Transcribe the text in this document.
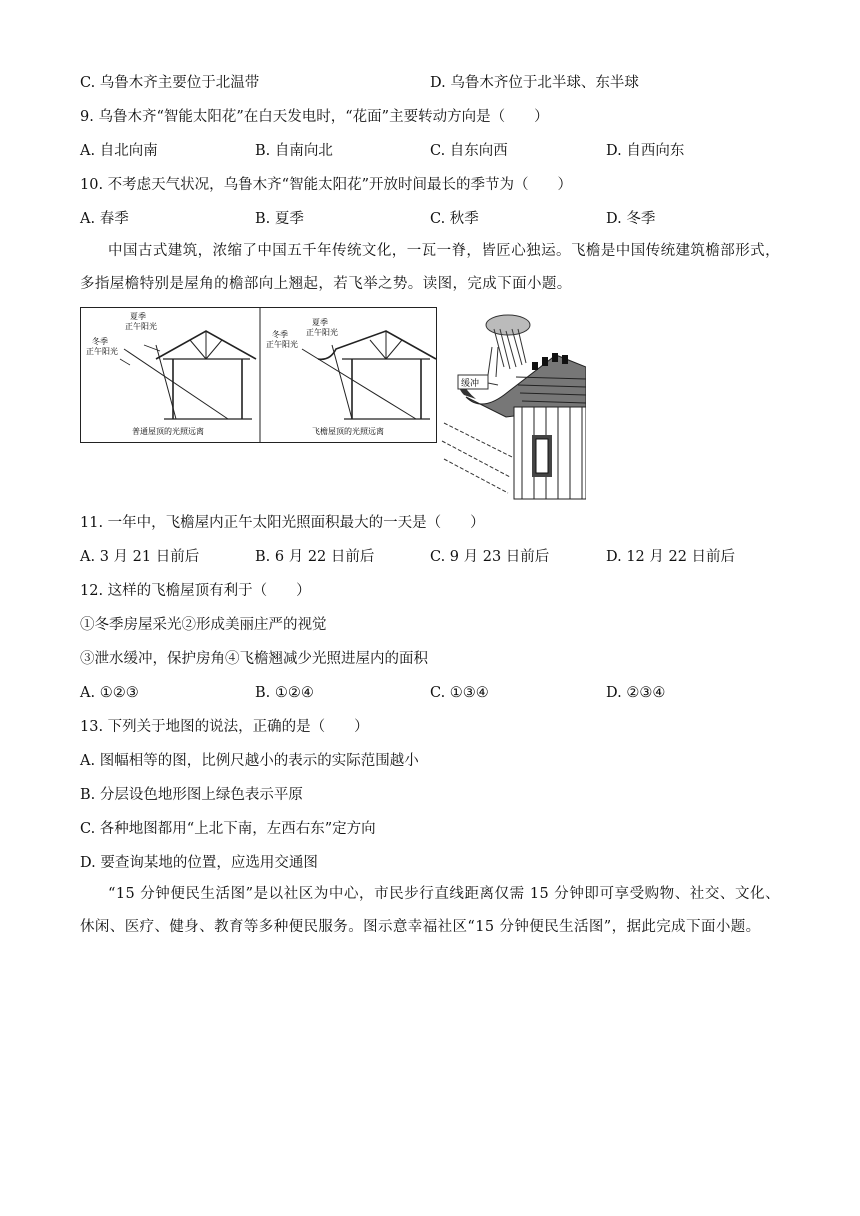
C. 乌鲁木齐主要位于北温带	D. 乌鲁木齐位于北半球、东半球
9. 乌鲁木齐“智能太阳花”在白天发电时，“花面”主要转动方向是（　　）
A. 自北向南	B. 自南向北	C. 自东向西	D. 自西向东
10. 不考虑天气状况，乌鲁木齐“智能太阳花”开放时间最长的季节为（　　）
A. 春季	B. 夏季	C. 秋季	D. 冬季
中国古式建筑，浓缩了中国五千年传统文化，一瓦一脊，皆匠心独运。飞檐是中国传统建筑檐部形式，多指屋檐特别是屋角的檐部向上翘起，若飞举之势。读图，完成下面小题。
夏季
正午阳光
冬季
正午阳光
普通屋顶的光照远离
夏季
正午阳光
冬季
正午阳光
飞檐屋顶的光照远离
缓冲
11. 一年中，飞檐屋内正午太阳光照面积最大的一天是（　　）
A. 3 月 21 日前后	B. 6 月 22 日前后	C. 9 月 23 日前后	D. 12 月 22 日前后
12. 这样的飞檐屋顶有利于（　　）
①冬季房屋采光②形成美丽庄严的视觉
③泄水缓冲，保护房角④飞檐翘减少光照进屋内的面积
A. ①②③	B. ①②④	C. ①③④	D. ②③④
13. 下列关于地图的说法，正确的是（　　）
A. 图幅相等的图，比例尺越小的表示的实际范围越小
B. 分层设色地形图上绿色表示平原
C. 各种地图都用“上北下南，左西右东”定方向
D. 要查询某地的位置，应选用交通图
“15 分钟便民生活图”是以社区为中心，市民步行直线距离仅需 15 分钟即可享受购物、社交、文化、休闲、医疗、健身、教育等多种便民服务。图示意幸福社区“15 分钟便民生活图”，据此完成下面小题。
